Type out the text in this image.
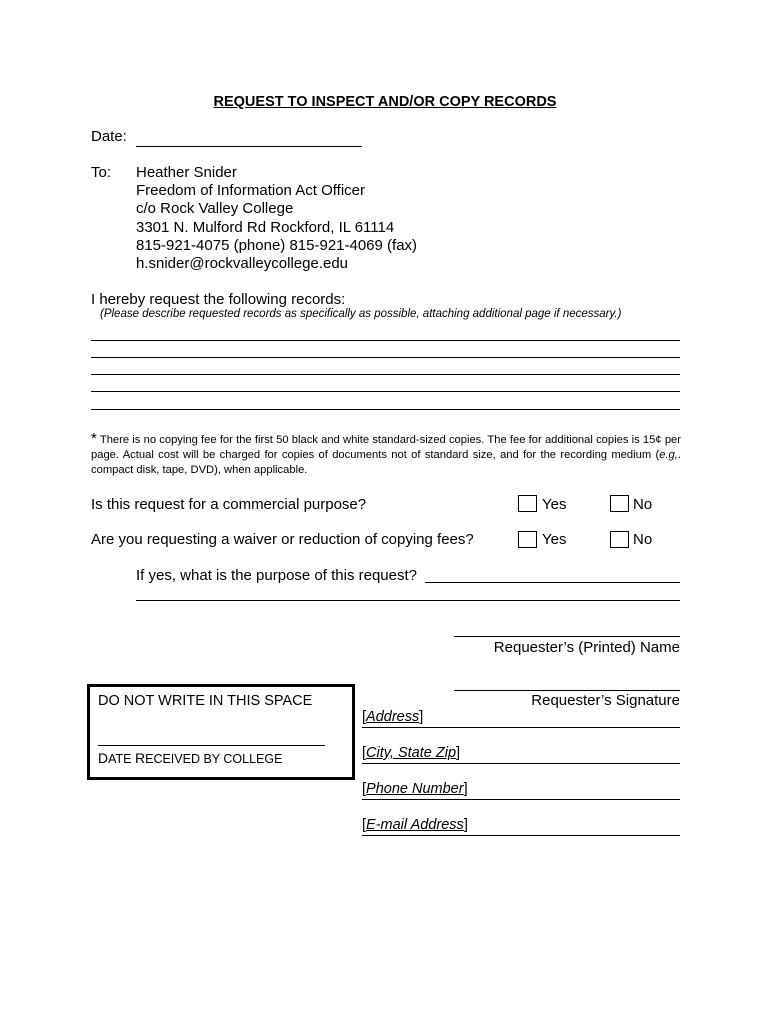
REQUEST TO INSPECT AND/OR COPY RECORDS
Date:
To: Heather Snider
Freedom of Information Act Officer
c/o Rock Valley College
3301 N. Mulford Rd Rockford, IL 61114
815-921-4075 (phone) 815-921-4069 (fax)
h.snider@rockvalleycollege.edu
I hereby request the following records:
(Please describe requested records as specifically as possible, attaching additional page if necessary.)
* There is no copying fee for the first 50 black and white standard-sized copies. The fee for additional copies is 15¢ per page. Actual cost will be charged for copies of documents not of standard size, and for the recording medium (e.g,. compact disk, tape, DVD), when applicable.
Is this request for a commercial purpose?	Yes	No
Are you requesting a waiver or reduction of copying fees?	Yes	No
If yes, what is the purpose of this request?
Requester’s (Printed) Name
Requester’s Signature
DO NOT WRITE IN THIS SPACE
DATE RECEIVED BY COLLEGE
[Address]
[City, State Zip]
[Phone Number]
[E-mail Address]
